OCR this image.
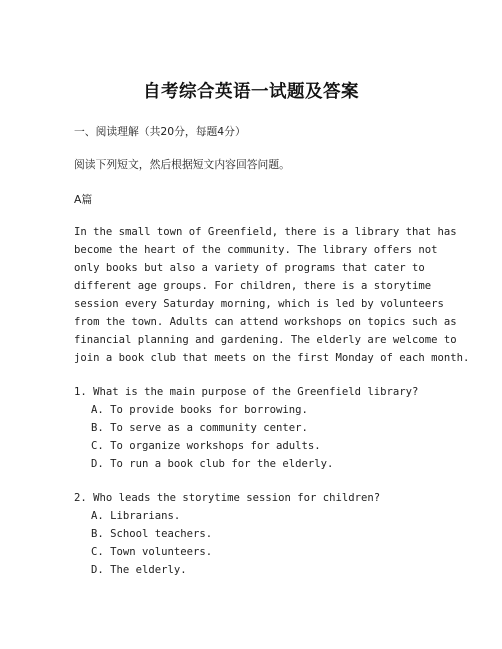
自考综合英语一试题及答案
一、阅读理解（共20分，每题4分）
阅读下列短文，然后根据短文内容回答问题。
A篇
In the small town of Greenfield, there is a library that has
become the heart of the community. The library offers not
only books but also a variety of programs that cater to
different age groups. For children, there is a storytime
session every Saturday morning, which is led by volunteers
from the town. Adults can attend workshops on topics such as
financial planning and gardening. The elderly are welcome to
join a book club that meets on the first Monday of each month.
1. What is the main purpose of the Greenfield library?
A. To provide books for borrowing.
B. To serve as a community center.
C. To organize workshops for adults.
D. To run a book club for the elderly.
2. Who leads the storytime session for children?
A. Librarians.
B. School teachers.
C. Town volunteers.
D. The elderly.
